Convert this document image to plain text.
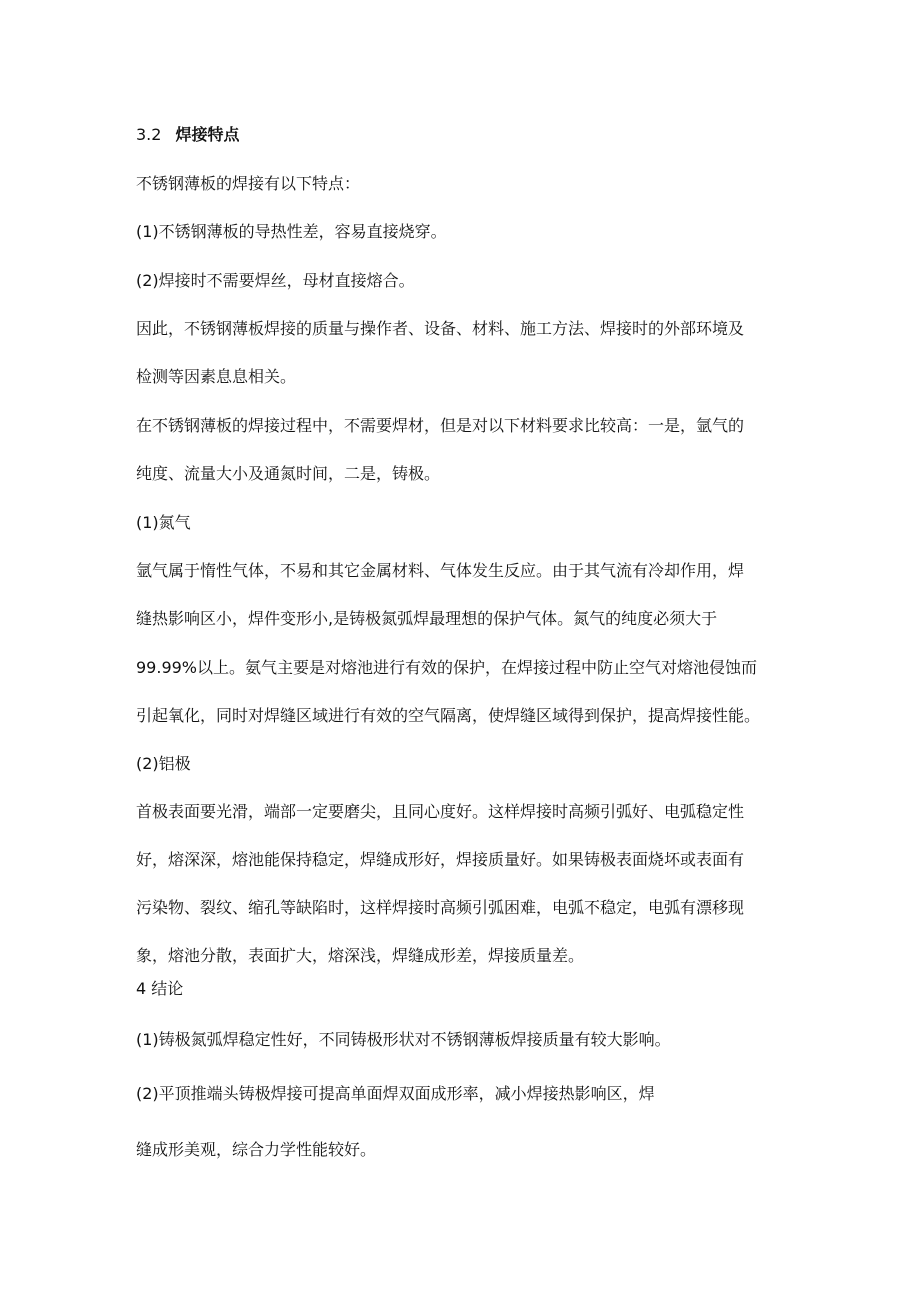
3.2 焊接特点

不锈钢薄板的焊接有以下特点：

(1)不锈钢薄板的导热性差，容易直接烧穿。

(2)焊接时不需要焊丝，母材直接熔合。

因此，不锈钢薄板焊接的质量与操作者、设备、材料、施工方法、焊接时的外部环境及

检测等因素息息相关。

在不锈钢薄板的焊接过程中，不需要焊材，但是对以下材料要求比较高：一是，氩气的

纯度、流量大小及通氮时间，二是，铸极。

(1)氮气

氩气属于惰性气体，不易和其它金属材料、气体发生反应。由于其气流有冷却作用，焊

缝热影响区小，焊件变形小,是铸极氮弧焊最理想的保护气体。氮气的纯度必须大于

99.99%以上。氨气主要是对熔池进行有效的保护，在焊接过程中防止空气对熔池侵蚀而

引起氧化，同时对焊缝区域进行有效的空气隔离，使焊缝区域得到保护，提高焊接性能。

(2)铝极

首极表面要光滑，端部一定要磨尖，且同心度好。这样焊接时高频引弧好、电弧稳定性

好，熔深深，熔池能保持稳定，焊缝成形好，焊接质量好。如果铸极表面烧坏或表面有

污染物、裂纹、缩孔等缺陷时，这样焊接时高频引弧困难，电弧不稳定，电弧有漂移现

象，熔池分散，表面扩大，熔深浅，焊缝成形差，焊接质量差。

4 结论

(1)铸极氮弧焊稳定性好，不同铸极形状对不锈钢薄板焊接质量有较大影响。

(2)平顶推端头铸极焊接可提高单面焊双面成形率，减小焊接热影响区，焊

缝成形美观，综合力学性能较好。
